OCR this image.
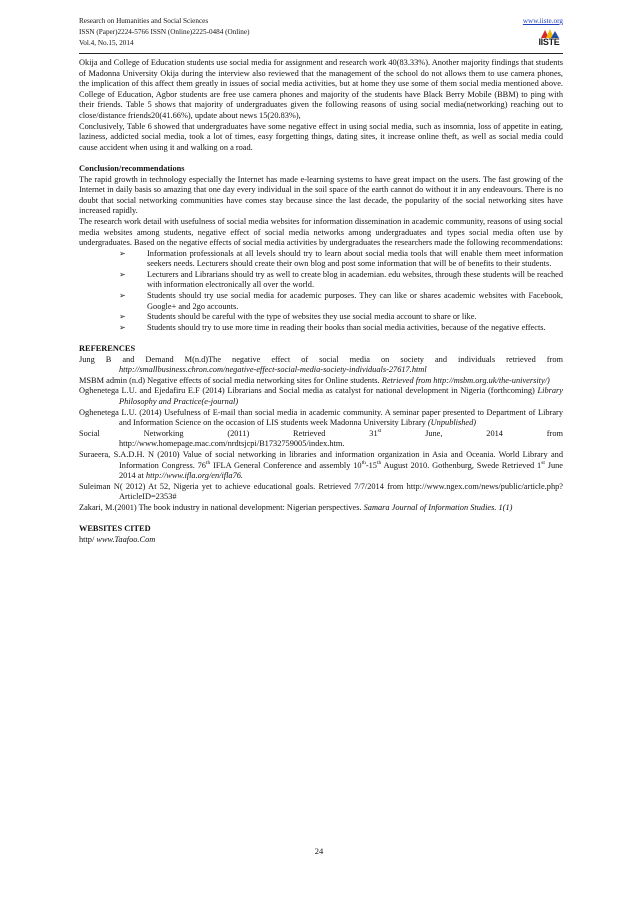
Research on Humanities and Social Sciences
ISSN (Paper)2224-5766 ISSN (Online)2225-0484 (Online)
Vol.4, No.15, 2014
www.iiste.org
IISTE

Okija and College of Education students use social media for assignment and research work 40(83.33%). Another majority findings that students of Madonna University Okija during the interview also reviewed that the management of the school do not allows them to use camera phones, the implication of this affect them greatly in issues of social media activities, but at home they use some of them social media mentioned above. College of Education, Agbor students are free use camera phones and majority of the students have Black Berry Mobile (BBM) to ping with their friends. Table 5 shows that majority of undergraduates given the following reasons of using social media(networking) reaching out to close/distance friends20(41.66%), update about news 15(20.83%),

Conclusively, Table 6 showed that undergraduates have some negative effect in using social media, such as insomnia, loss of appetite in eating, laziness, addicted social media, took a lot of times, easy forgetting things, dating sites, it increase online theft, as well as social media could cause accident when using it and walking on a road.

Conclusion/recommendations

The rapid growth in technology especially the Internet has made e-learning systems to have great impact on the users. The fast growing of the Internet in daily basis so amazing that one day every individual in the soil space of the earth cannot do without it in any endeavours. There is no doubt that social networking communities have comes stay because since the last decade, the popularity of the social networking sites have increased rapidly.

The research work detail with usefulness of social media websites for information dissemination in academic community, reasons of using social media websites among students, negative effect of social media networks among undergraduates and types social media often use by undergraduates. Based on the negative effects of social media activities by undergraduates the researchers made the following recommendations:

➢	Information professionals at all levels should try to learn about social media tools that will enable them meet information seekers needs. Lecturers should create their own blog and post some information that will be of benefits to their students.
➢	Lecturers and Librarians should try as well to create blog in academian. edu websites, through these students will be reached with information electronically all over the world.
➢	Students should try use social media for academic purposes. They can like or shares academic websites with Facebook, Google+ and 2go accounts.
➢	Students should be careful with the type of websites they use social media account to share or like.
➢	Students should try to use more time in reading their books than social media activities, because of the negative effects.

REFERENCES

Jung B and Demand M(n.d)The negative effect of social media on society and individuals retrieved from http://smallbusiness.chron.com/negative-effect-social-media-society-individuals-27617.html

MSBM admin (n.d) Negative effects of social media networking sites for Online students. Retrieved from http://msbm.org.uk/the-university/)

Oghenetega L.U. and Ejedafiru E.F (2014) Librarians and Social media as catalyst for national development in Nigeria (forthcoming) Library Philosophy and Practice(e-journal)

Oghenetega L.U. (2014) Usefulness of E-mail than social media in academic community. A seminar paper presented to Department of Library and Information Science on the occasion of LIS students week Madonna University Library (Unpublished)

Social	Networking	(2011)	Retrieved	31st	June,	2014	from
http://www.homepage.mac.com/nrdtsjcpi/B1732759005/index.htm.

Suraeera, S.A.D.H. N (2010) Value of social networking in libraries and information organization in Asia and Oceania. World Library and Information Congress. 76th IFLA General Conference and assembly 10th-15th August 2010. Gothenburg, Swede Retrieved 1st June 2014 at http://www.ifla.org/en/ifla76.

Suleiman N( 2012) At 52, Nigeria yet to achieve educational goals. Retrieved 7/7/2014 from http://www.ngex.com/news/public/article.php?ArticleID=2353#

Zakari, M.(2001) The book industry in national development: Nigerian perspectives. Samara Journal of Information Studies. 1(1)

WEBSITES CITED

http/ www.Taafoo.Com

24
